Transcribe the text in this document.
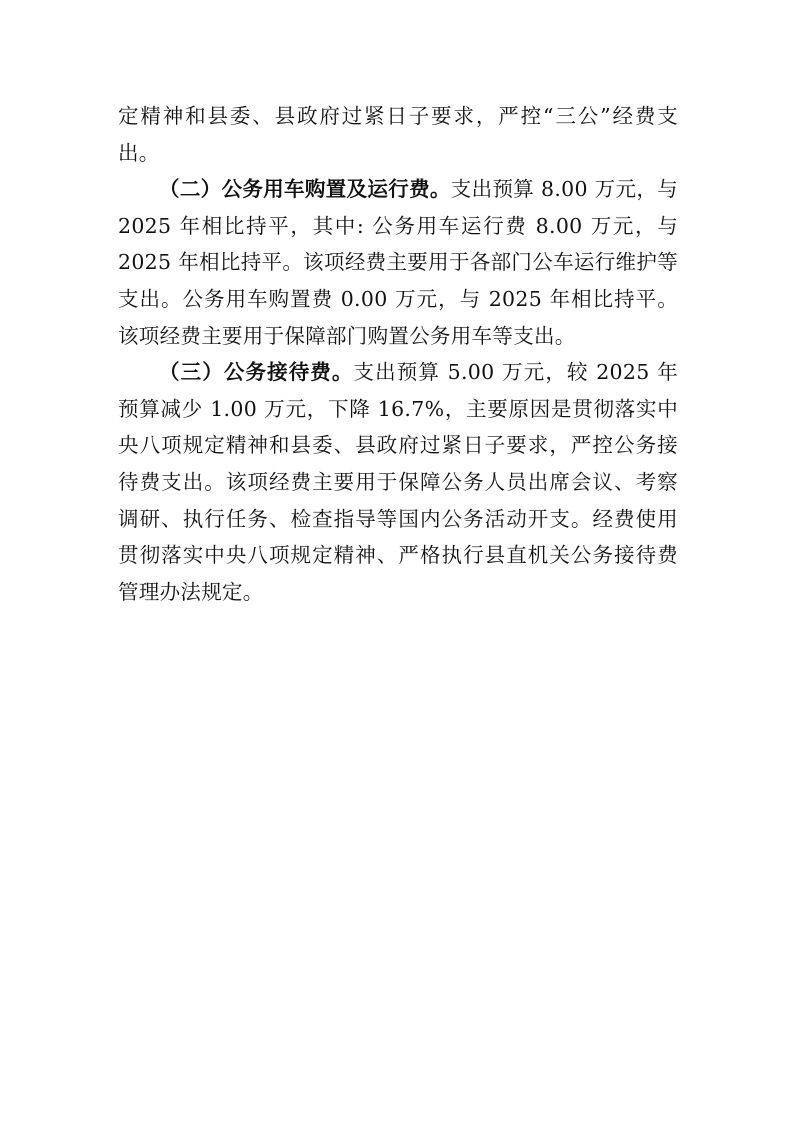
定精神和县委、县政府过紧日子要求，严控“三公”经费支出。

（二）公务用车购置及运行费。支出预算 8.00 万元，与 2025 年相比持平，其中: 公务用车运行费 8.00 万元，与 2025 年相比持平。该项经费主要用于各部门公车运行维护等支出。公务用车购置费 0.00 万元，与 2025 年相比持平。该项经费主要用于保障部门购置公务用车等支出。

（三）公务接待费。支出预算 5.00 万元，较 2025 年预算减少 1.00 万元，下降 16.7%，主要原因是贯彻落实中央八项规定精神和县委、县政府过紧日子要求，严控公务接待费支出。该项经费主要用于保障公务人员出席会议、考察调研、执行任务、检查指导等国内公务活动开支。经费使用贯彻落实中央八项规定精神、严格执行县直机关公务接待费管理办法规定。
